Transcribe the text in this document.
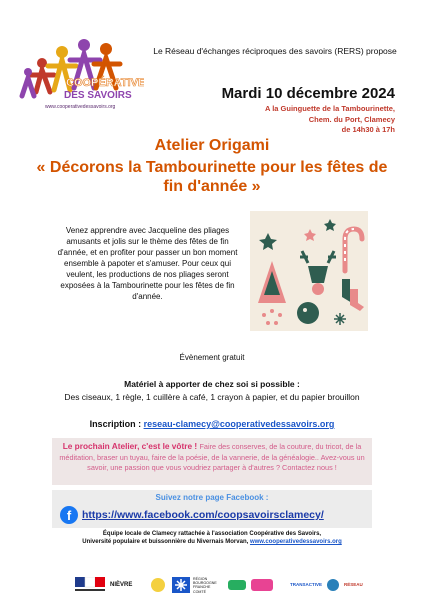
COOPÉRATIVE
DES SAVOIRS
www.cooperativedessavoirs.org
Le Réseau d'échanges réciproques des savoirs (RERS) propose
Mardi 10 décembre 2024
A la Guinguette de la Tambourinette,
Chem. du Port, Clamecy
de 14h30 à 17h
Atelier Origami
« Décorons la Tambourinette pour les fêtes de fin d'année »
Venez apprendre avec Jacqueline des pliages amusants et jolis sur le thème des fêtes de fin d'année, et en profiter pour passer un bon moment ensemble à papoter et s'amuser. Pour ceux qui veulent, les productions de nos pliages seront exposées à la Tambourinette pour les fêtes de fin d'année.
Évènement gratuit
Matériel à apporter de chez soi si possible :
Des ciseaux, 1 règle, 1 cuillère à café, 1 crayon à papier, et du papier brouillon
Inscription : reseau-clamecy@cooperativedessavoirs.org
Le prochain Atelier, c'est le vôtre ! Faire des conserves, de la couture, du tricot, de la méditation, braser un tuyau, faire de la poésie, de la vannerie, de la généalogie.. Avez-vous un savoir, une passion que vous voudriez partager à d'autres ? Contactez nous !
Suivez notre page Facebook :
f	https://www.facebook.com/coopsavoirsclamecy/
Équipe locale de Clamecy rattachée à l'association Coopérative des Savoirs,
Université populaire et buissonnière du Nivernais Morvan, www.cooperativedessavoirs.org
NIÈVRE
RÉGION BOURGOGNE FRANCHE COMTÉ
TRANSACTIVE	RÉSEAU
